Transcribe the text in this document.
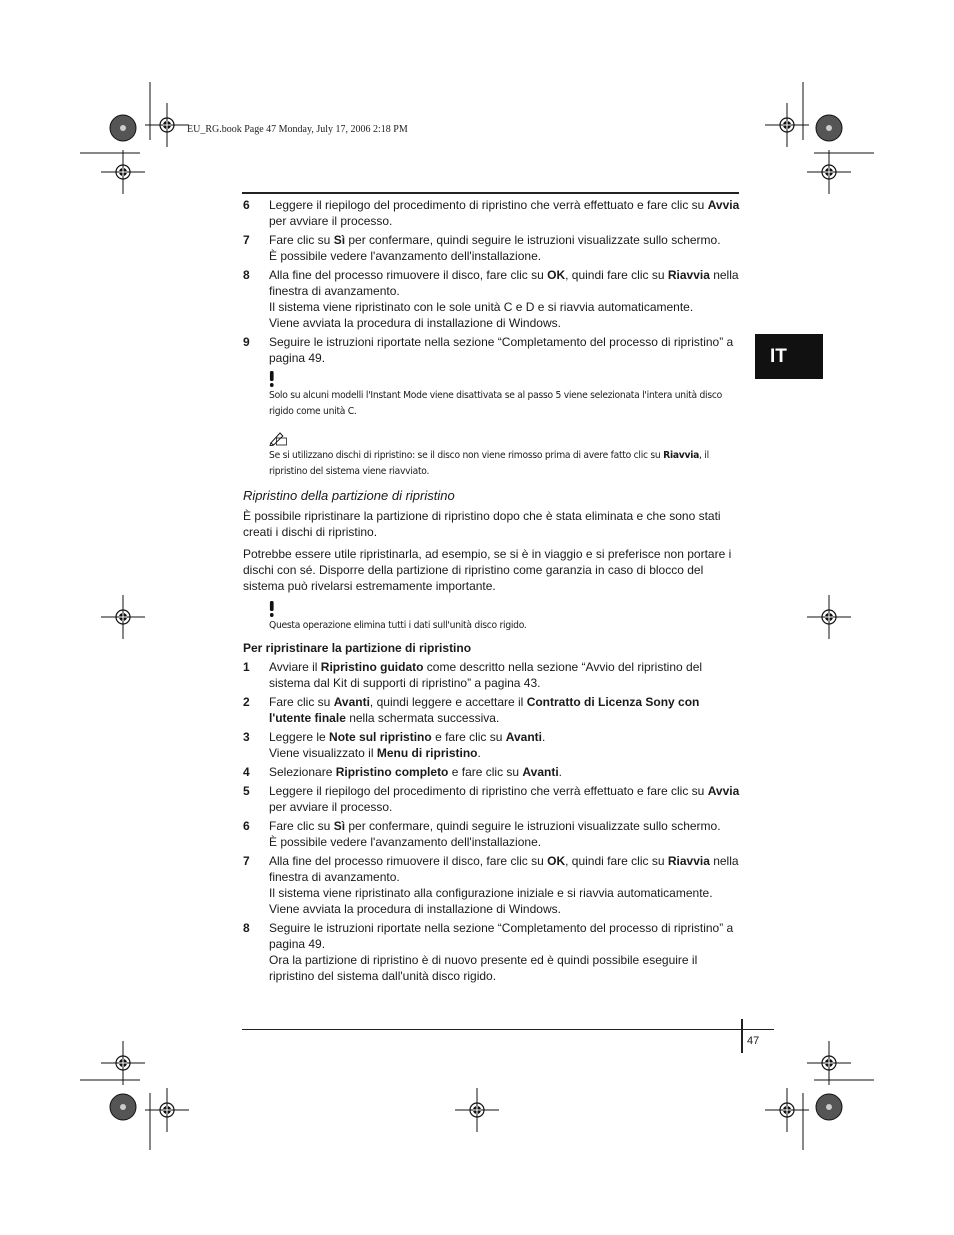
EU_RG.book Page 47 Monday, July 17, 2006 2:18 PM
IT
6	Leggere il riepilogo del procedimento di ripristino che verrà effettuato e fare clic su Avvia per avviare il processo.
7	Fare clic su Sì per confermare, quindi seguire le istruzioni visualizzate sullo schermo.
È possibile vedere l'avanzamento dell'installazione.
8	Alla fine del processo rimuovere il disco, fare clic su OK, quindi fare clic su Riavvia nella finestra di avanzamento.
Il sistema viene ripristinato con le sole unità C e D e si riavvia automaticamente.
Viene avviata la procedura di installazione di Windows.
9	Seguire le istruzioni riportate nella sezione “Completamento del processo di ripristino” a pagina 49.
Solo su alcuni modelli l'Instant Mode viene disattivata se al passo 5 viene selezionata l'intera unità disco rigido come unità C.
Se si utilizzano dischi di ripristino: se il disco non viene rimosso prima di avere fatto clic su Riavvia, il ripristino del sistema viene riavviato.
Ripristino della partizione di ripristino

È possibile ripristinare la partizione di ripristino dopo che è stata eliminata e che sono stati creati i dischi di ripristino.

Potrebbe essere utile ripristinarla, ad esempio, se si è in viaggio e si preferisce non portare i dischi con sé. Disporre della partizione di ripristino come garanzia in caso di blocco del sistema può rivelarsi estremamente importante.

Questa operazione elimina tutti i dati sull'unità disco rigido.
Per ripristinare la partizione di ripristino
1	Avviare il Ripristino guidato come descritto nella sezione “Avvio del ripristino del sistema dal Kit di supporti di ripristino” a pagina 43.
2	Fare clic su Avanti, quindi leggere e accettare il Contratto di Licenza Sony con l'utente finale nella schermata successiva.
3	Leggere le Note sul ripristino e fare clic su Avanti.
Viene visualizzato il Menu di ripristino.
4	Selezionare Ripristino completo e fare clic su Avanti.
5	Leggere il riepilogo del procedimento di ripristino che verrà effettuato e fare clic su Avvia per avviare il processo.
6	Fare clic su Sì per confermare, quindi seguire le istruzioni visualizzate sullo schermo.
È possibile vedere l'avanzamento dell'installazione.
7	Alla fine del processo rimuovere il disco, fare clic su OK, quindi fare clic su Riavvia nella finestra di avanzamento.
Il sistema viene ripristinato alla configurazione iniziale e si riavvia automaticamente.
Viene avviata la procedura di installazione di Windows.
8	Seguire le istruzioni riportate nella sezione “Completamento del processo di ripristino” a pagina 49.
Ora la partizione di ripristino è di nuovo presente ed è quindi possibile eseguire il ripristino del sistema dall'unità disco rigido.
47
